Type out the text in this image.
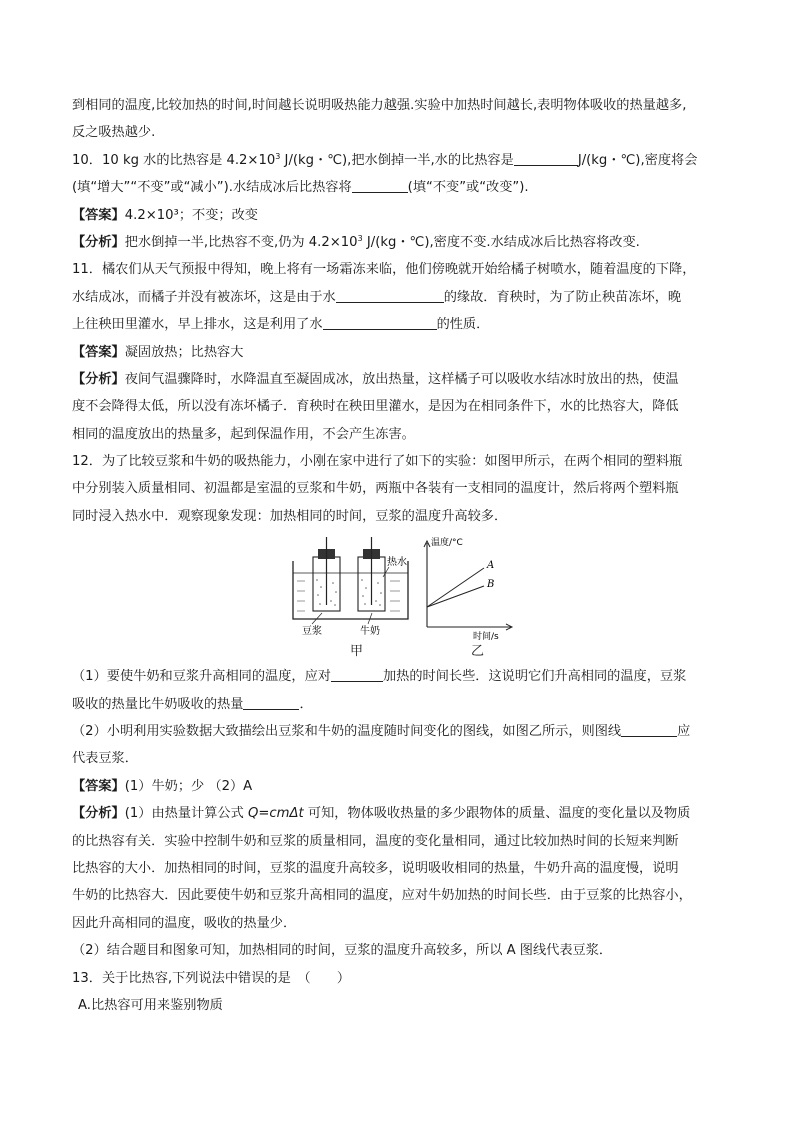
到相同的温度,比较加热的时间,时间越长说明吸热能力越强.实验中加热时间越长,表明物体吸收的热量越多,
反之吸热越少.
10．10 kg 水的比热容是 $4.2\times 10^3$ J/(kg・℃),把水倒掉一半,水的比热容是	J/(kg・℃),密度将会
(填“增大”“不变”或“减小”).水结成冰后比热容将	(填“不变”或“改变”).
【答案】4.2×10³；不变；改变
【分析】把水倒掉一半,比热容不变,仍为 $4.2\times 10^3$ J/(kg・℃),密度不变.水结成冰后比热容将改变.
11．橘农们从天气预报中得知，晚上将有一场霜冻来临，他们傍晚就开始给橘子树喷水，随着温度的下降，
水结成冰，而橘子并没有被冻坏，这是由于水	的缘故．育秧时，为了防止秧苗冻坏，晚
上往秧田里灌水，早上排水，这是利用了水	的性质．
【答案】凝固放热；比热容大
【分析】夜间气温骤降时，水降温直至凝固成冰，放出热量，这样橘子可以吸收水结冰时放出的热，使温
度不会降得太低，所以没有冻坏橘子．育秧时在秧田里灌水，是因为在相同条件下，水的比热容大，降低
相同的温度放出的热量多，起到保温作用，不会产生冻害。
12．为了比较豆浆和牛奶的吸热能力，小刚在家中进行了如下的实验：如图甲所示，在两个相同的塑料瓶
中分别装入质量相同、初温都是室温的豆浆和牛奶，两瓶中各装有一支相同的温度计，然后将两个塑料瓶
同时浸入热水中．观察现象发现：加热相同的时间，豆浆的温度升高较多．
热水
豆浆	牛奶
温度/°C
时间/s
A
B
甲	乙
（1）要使牛奶和豆浆升高相同的温度，应对	加热的时间长些．这说明它们升高相同的温度，豆浆
吸收的热量比牛奶吸收的热量	．
（2）小明利用实验数据大致描绘出豆浆和牛奶的温度随时间变化的图线，如图乙所示，则图线	应
代表豆浆．
【答案】(1）牛奶；少 （2）A
【分析】(1）由热量计算公式 Q=cmΔt 可知，物体吸收热量的多少跟物体的质量、温度的变化量以及物质
的比热容有关．实验中控制牛奶和豆浆的质量相同，温度的变化量相同，通过比较加热时间的长短来判断
比热容的大小．加热相同的时间，豆浆的温度升高较多，说明吸收相同的热量，牛奶升高的温度慢，说明
牛奶的比热容大．因此要使牛奶和豆浆升高相同的温度，应对牛奶加热的时间长些．由于豆浆的比热容小，
因此升高相同的温度，吸收的热量少．
（2）结合题目和图象可知，加热相同的时间，豆浆的温度升高较多，所以 A 图线代表豆浆．
13．关于比热容,下列说法中错误的是　（　　）
A.比热容可用来鉴别物质
